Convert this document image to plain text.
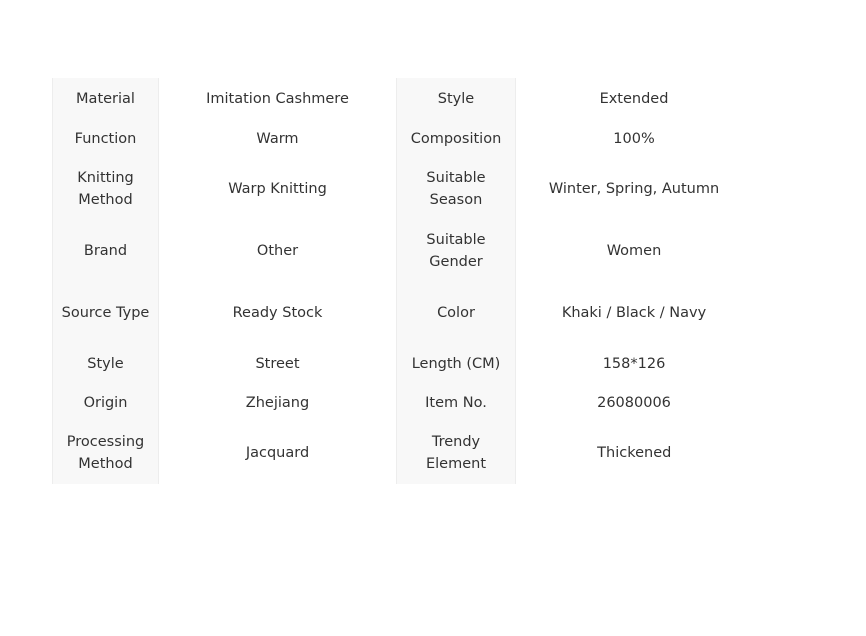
Material	Imitation Cashmere	Style	Extended
Function	Warm	Composition	100%
Knitting Method	Warp Knitting	Suitable Season	Winter, Spring, Autumn
Brand	Other	Suitable Gender	Women
Source Type	Ready Stock	Color	Khaki / Black / Navy
Style	Street	Length (CM)	158*126
Origin	Zhejiang	Item No.	26080006
Processing Method	Jacquard	Trendy Element	Thickened
